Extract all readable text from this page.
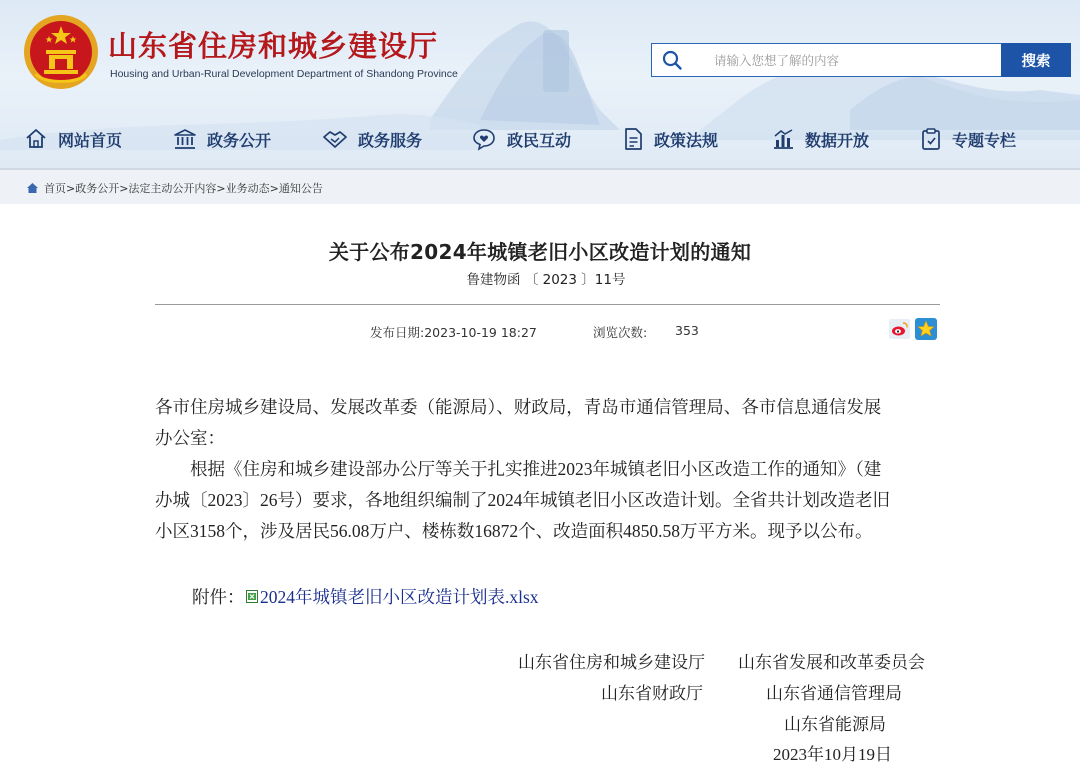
山东省住房和城乡建设厅
Housing and Urban-Rural Development Department of Shandong Province
请输入您想了解的内容
搜索
网站首页	政务公开	政务服务	政民互动	政策法规	数据开放	专题专栏
首页>政务公开>法定主动公开内容>业务动态>通知公告
关于公布2024年城镇老旧小区改造计划的通知
鲁建物函 〔 2023 〕11号
发布日期:2023-10-19 18:27	浏览次数: 353
各市住房城乡建设局、发展改革委（能源局）、财政局，青岛市通信管理局、各市信息通信发展
办公室：
　　根据《住房和城乡建设部办公厅等关于扎实推进2023年城镇老旧小区改造工作的通知》（建
办城〔2023〕26号）要求，各地组织编制了2024年城镇老旧小区改造计划。全省共计划改造老旧
小区3158个，涉及居民56.08万户、楼栋数16872个、改造面积4850.58万平方米。现予以公布。
附件： 2024年城镇老旧小区改造计划表.xlsx
山东省住房和城乡建设厅 山东省发展和改革委员会
山东省财政厅	山东省通信管理局
山东省能源局
2023年10月19日
